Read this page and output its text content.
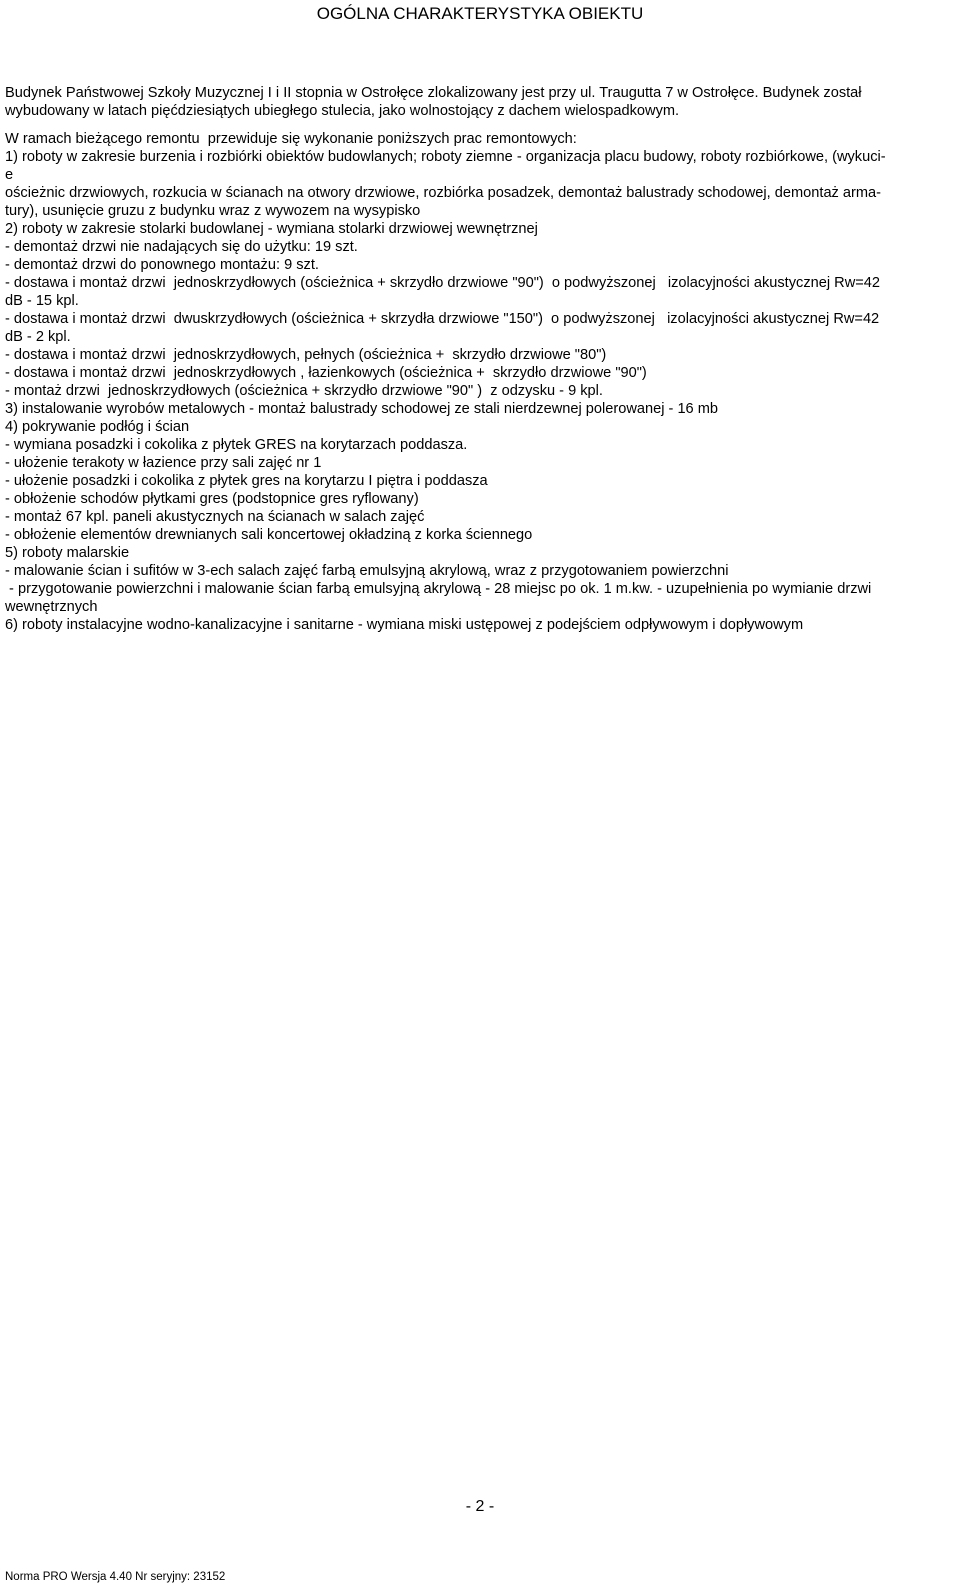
OGÓLNA CHARAKTERYSTYKA OBIEKTU
Budynek Państwowej Szkoły Muzycznej I i II stopnia w Ostrołęce zlokalizowany jest przy ul. Traugutta 7 w Ostrołęce. Budynek został
wybudowany w latach pięćdziesiątych ubiegłego stulecia, jako wolnostojący z dachem wielospadkowym.
W ramach bieżącego remontu  przewiduje się wykonanie poniższych prac remontowych:
1) roboty w zakresie burzenia i rozbiórki obiektów budowlanych; roboty ziemne - organizacja placu budowy, roboty rozbiórkowe, (wykuci-
e
ościeżnic drzwiowych, rozkucia w ścianach na otwory drzwiowe, rozbiórka posadzek, demontaż balustrady schodowej, demontaż arma-
tury), usunięcie gruzu z budynku wraz z wywozem na wysypisko
2) roboty w zakresie stolarki budowlanej - wymiana stolarki drzwiowej wewnętrznej
- demontaż drzwi nie nadających się do użytku: 19 szt.
- demontaż drzwi do ponownego montażu: 9 szt.
- dostawa i montaż drzwi  jednoskrzydłowych (ościeżnica + skrzydło drzwiowe "90")  o podwyższonej   izolacyjności akustycznej Rw=42
dB - 15 kpl.
- dostawa i montaż drzwi  dwuskrzydłowych (ościeżnica + skrzydła drzwiowe "150")  o podwyższonej   izolacyjności akustycznej Rw=42
dB - 2 kpl.
- dostawa i montaż drzwi  jednoskrzydłowych, pełnych (ościeżnica +  skrzydło drzwiowe "80")
- dostawa i montaż drzwi  jednoskrzydłowych , łazienkowych (ościeżnica +  skrzydło drzwiowe "90")
- montaż drzwi  jednoskrzydłowych (ościeżnica + skrzydło drzwiowe "90" )  z odzysku - 9 kpl.
3) instalowanie wyrobów metalowych - montaż balustrady schodowej ze stali nierdzewnej polerowanej - 16 mb
4) pokrywanie podłóg i ścian
- wymiana posadzki i cokolika z płytek GRES na korytarzach poddasza.
- ułożenie terakoty w łazience przy sali zajęć nr 1
- ułożenie posadzki i cokolika z płytek gres na korytarzu I piętra i poddasza
- obłożenie schodów płytkami gres (podstopnice gres ryflowany)
- montaż 67 kpl. paneli akustycznych na ścianach w salach zajęć
- obłożenie elementów drewnianych sali koncertowej okładziną z korka ściennego
5) roboty malarskie
- malowanie ścian i sufitów w 3-ech salach zajęć farbą emulsyjną akrylową, wraz z przygotowaniem powierzchni
- przygotowanie powierzchni i malowanie ścian farbą emulsyjną akrylową - 28 miejsc po ok. 1 m.kw. - uzupełnienia po wymianie drzwi
wewnętrznych
6) roboty instalacyjne wodno-kanalizacyjne i sanitarne - wymiana miski ustępowej z podejściem odpływowym i dopływowym
- 2 -
Norma PRO Wersja 4.40 Nr seryjny: 23152
